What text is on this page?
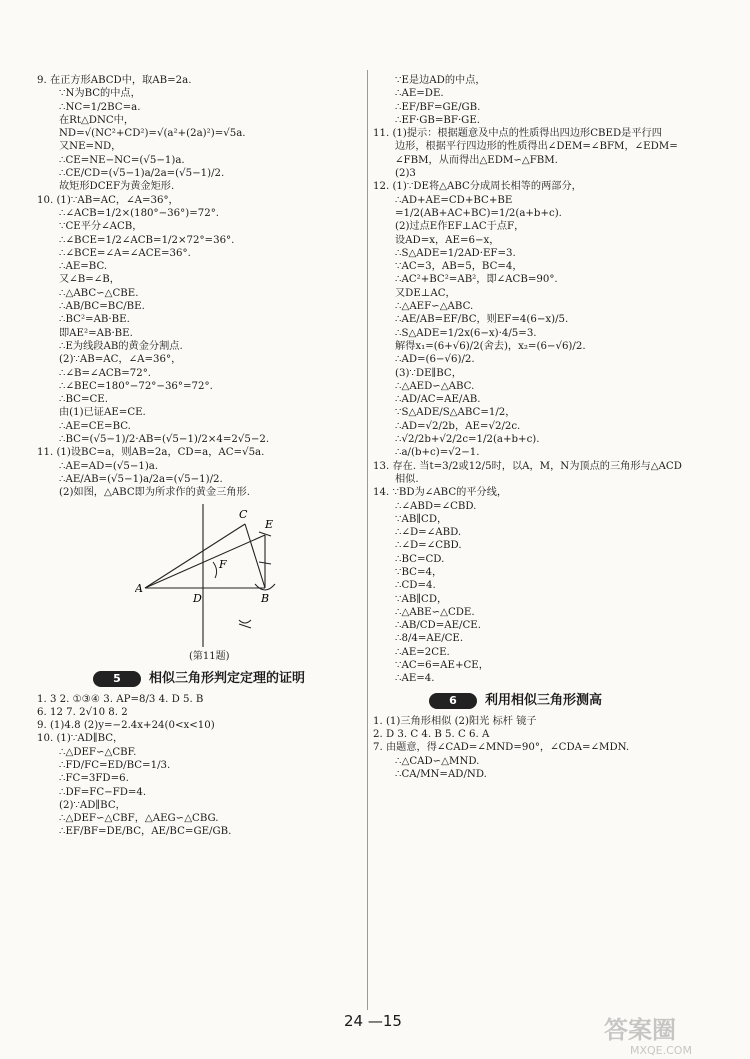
9. 在正方形ABCD中，取AB=2a.
∵N为BC的中点，
∴NC=1/2BC=a.
在Rt△DNC中，
ND=√(NC²+CD²)=√(a²+(2a)²)=√5a.
又NE=ND，
∴CE=NE−NC=(√5−1)a.
∴CE/CD=(√5−1)a/2a=(√5−1)/2.
故矩形DCEF为黄金矩形.
10. (1)∵AB=AC，∠A=36°，
∴∠ACB=1/2×(180°−36°)=72°.
∵CE平分∠ACB，
∴∠BCE=1/2∠ACB=1/2×72°=36°.
∴∠BCE=∠A=∠ACE=36°.
∴AE=BC.
又∠B=∠B，
∴△ABC∽△CBE.
∴AB/BC=BC/BE.
∴BC²=AB·BE.
即AE²=AB·BE.
∴E为线段AB的黄金分割点.
(2)∵AB=AC，∠A=36°，
∴∠B=∠ACB=72°.
∴∠BEC=180°−72°−36°=72°.
∴BC=CE.
由(1)已证AE=CE.
∴AE=CE=BC.
∴BC=(√5−1)/2·AB=(√5−1)/2×4=2√5−2.
11. (1)设BC=a，则AB=2a，CD=a，AC=√5a.
∴AE=AD=(√5−1)a.
∴AE/AB=(√5−1)a/2a=(√5−1)/2.
(2)如图，△ABC即为所求作的黄金三角形.
A
D	B
C
E
F
(第11题)
5	相似三角形判定定理的证明
1. 3 2. ①③④ 3. AP=8/3 4. D 5. B
6. 12 7. 2√10 8. 2
9. (1)4.8 (2)y=−2.4x+24(0<x<10)
10. (1)∵AD∥BC，
∴△DEF∽△CBF.
∴FD/FC=ED/BC=1/3.
∴FC=3FD=6.
∴DF=FC−FD=4.
(2)∵AD∥BC，
∴△DEF∽△CBF，△AEG∽△CBG.
∴EF/BF=DE/BC，AE/BC=GE/GB.
∵E是边AD的中点，
∴AE=DE.
∴EF/BF=GE/GB.
∴EF·GB=BF·GE.
11. (1)提示：根据题意及中点的性质得出四边形CBED是平行四
边形，根据平行四边形的性质得出∠DEM=∠BFM，∠EDM=
∠FBM，从而得出△EDM∽△FBM.
(2)3
12. (1)∵DE将△ABC分成周长相等的两部分，
∴AD+AE=CD+BC+BE
=1/2(AB+AC+BC)=1/2(a+b+c).
(2)过点E作EF⊥AC于点F，
设AD=x，AE=6−x，
∴S△ADE=1/2AD·EF=3.
∵AC=3，AB=5，BC=4，
∴AC²+BC²=AB²，即∠ACB=90°.
又DE⊥AC，
∴△AEF∽△ABC.
∴AE/AB=EF/BC，则EF=4(6−x)/5.
∴S△ADE=1/2x(6−x)·4/5=3.
解得x₁=(6+√6)/2(舍去)，x₂=(6−√6)/2.
∴AD=(6−√6)/2.
(3)∵DE∥BC，
∴△AED∽△ABC.
∴AD/AC=AE/AB.
∵S△ADE/S△ABC=1/2，
∴AD=√2/2b，AE=√2/2c.
∴√2/2b+√2/2c=1/2(a+b+c).
∴a/(b+c)=√2−1.
13. 存在. 当t=3/2或12/5时，以A，M，N为顶点的三角形与△ACD
相似.
14. ∵BD为∠ABC的平分线，
∴∠ABD=∠CBD.
∵AB∥CD，
∴∠D=∠ABD.
∴∠D=∠CBD.
∴BC=CD.
∵BC=4，
∴CD=4.
∵AB∥CD，
∴△ABE∽△CDE.
∴AB/CD=AE/CE.
∴8/4=AE/CE.
∴AE=2CE.
∵AC=6=AE+CE，
∴AE=4.
6	利用相似三角形测高
1. (1)三角形相似 (2)阳光 标杆 镜子
2. D 3. C 4. B 5. C 6. A
7. 由题意，得∠CAD=∠MND=90°，∠CDA=∠MDN.
∴△CAD∽△MND.
∴CA/MN=AD/ND.
24 —15	答案圈
MXQE.COM
